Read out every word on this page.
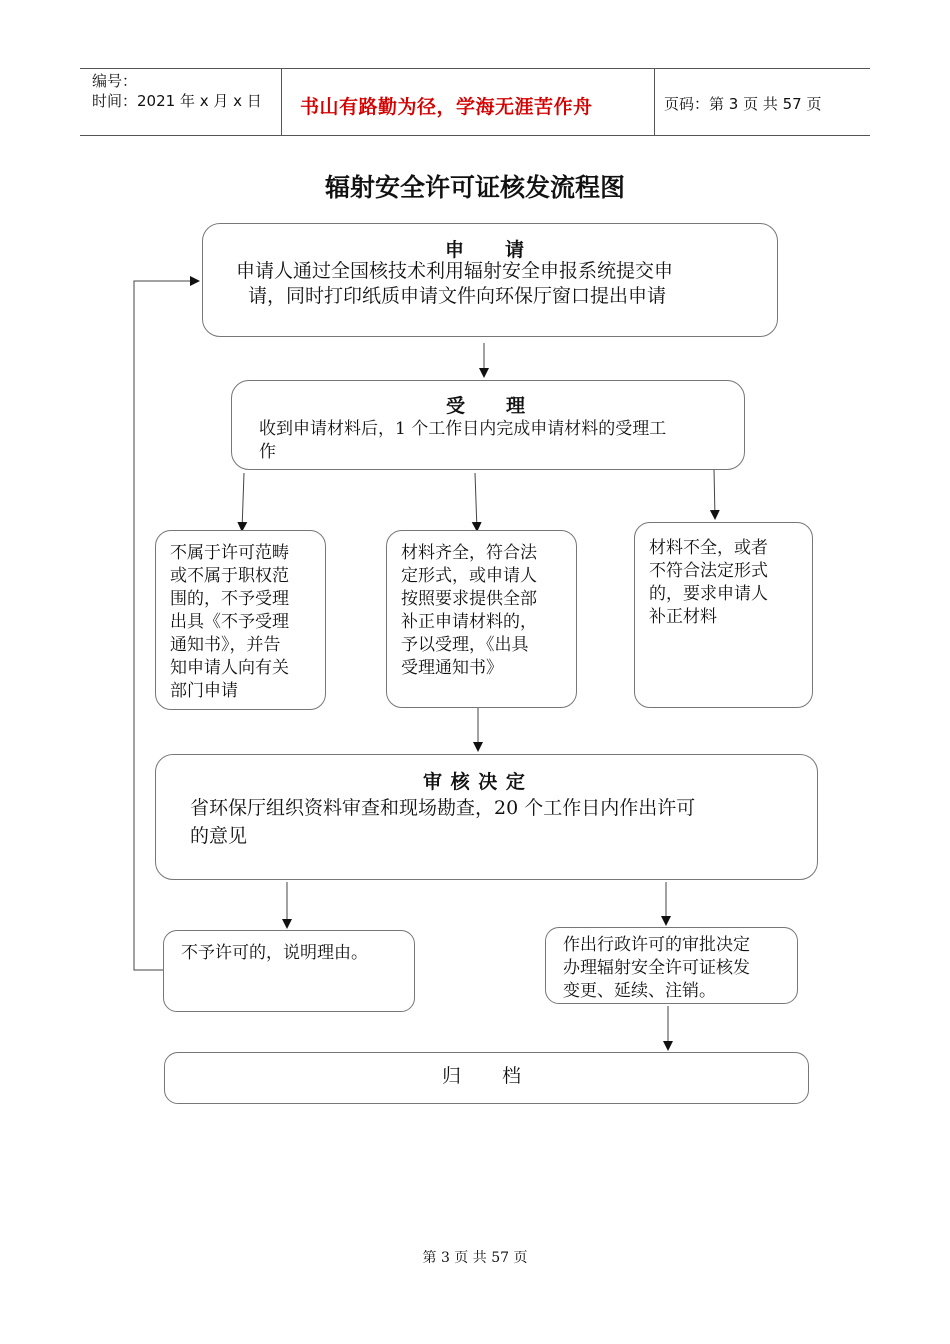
编号：
时间：2021 年 x 月 x 日 书山有路勤为径，学海无涯苦作舟	页码：第 3 页 共 57 页
辐射安全许可证核发流程图
申　　请
申请人通过全国核技术利用辐射安全申报系统提交申
请，同时打印纸质申请文件向环保厅窗口提出申请
受　　理
收到申请材料后，1 个工作日内完成申请材料的受理工
作
不属于许可范畴
或不属于职权范
围的，不予受理
出具《不予受理
通知书》，并告
知申请人向有关
部门申请
材料齐全，符合法
定形式，或申请人
按照要求提供全部
补正申请材料的，
予以受理，《出具
受理通知书》
材料不全，或者
不符合法定形式
的，要求申请人
补正材料
审 核 决 定
省环保厅组织资料审查和现场勘查，20 个工作日内作出许可
的意见
不予许可的，说明理由。	作出行政许可的审批决定
办理辐射安全许可证核发
变更、延续、注销。
归　　档
第 3 页 共 57 页
